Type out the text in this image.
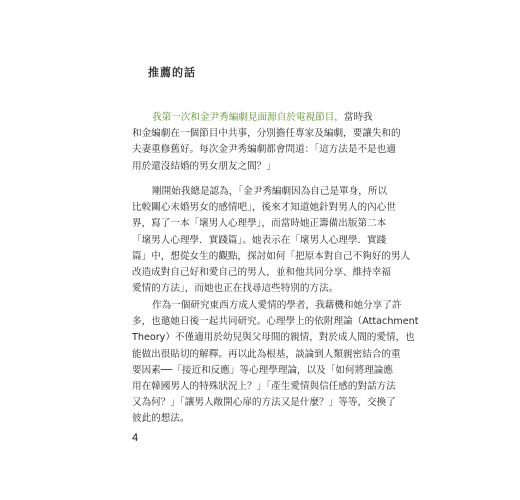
推薦的話
我第一次和金尹秀編劇見面源自於電視節目，當時我
和金編劇在一個節目中共事，分別擔任專家及編劇，要讓失和的
夫妻重修舊好。每次金尹秀編劇都會問道：「這方法是不是也適
用於還沒結婚的男女朋友之間？」
剛開始我總是認為，「金尹秀編劇因為自己是單身，所以
比較關心未婚男女的感情吧」，後來才知道她針對男人的內心世
界，寫了一本「壞男人心理學」，而當時她正籌備出版第二本
「壞男人心理學．實踐篇」。她表示在「壞男人心理學．實踐
篇」中，想從女生的觀點，探討如何「把原本對自己不夠好的男人
改造成對自己好和愛自己的男人，並和他共同分享、維持幸福
愛情的方法」，而她也正在找尋這些特別的方法。
作為一個研究東西方成人愛情的學者，我藉機和她分享了許
多，也邀她日後一起共同研究。心理學上的依附理論（Attachment
Theory）不僅適用於幼兒與父母間的親情，對於成人間的愛情，也
能做出很貼切的解釋。再以此為根基，談論到人類親密結合的重
要因素──「接近和反應」等心理學理論，以及「如何將理論應
用在韓國男人的特殊狀況上？」「產生愛情與信任感的對話方法
又為何？」「讓男人敞開心扉的方法又是什麼？」等等，交換了
彼此的想法。
4
